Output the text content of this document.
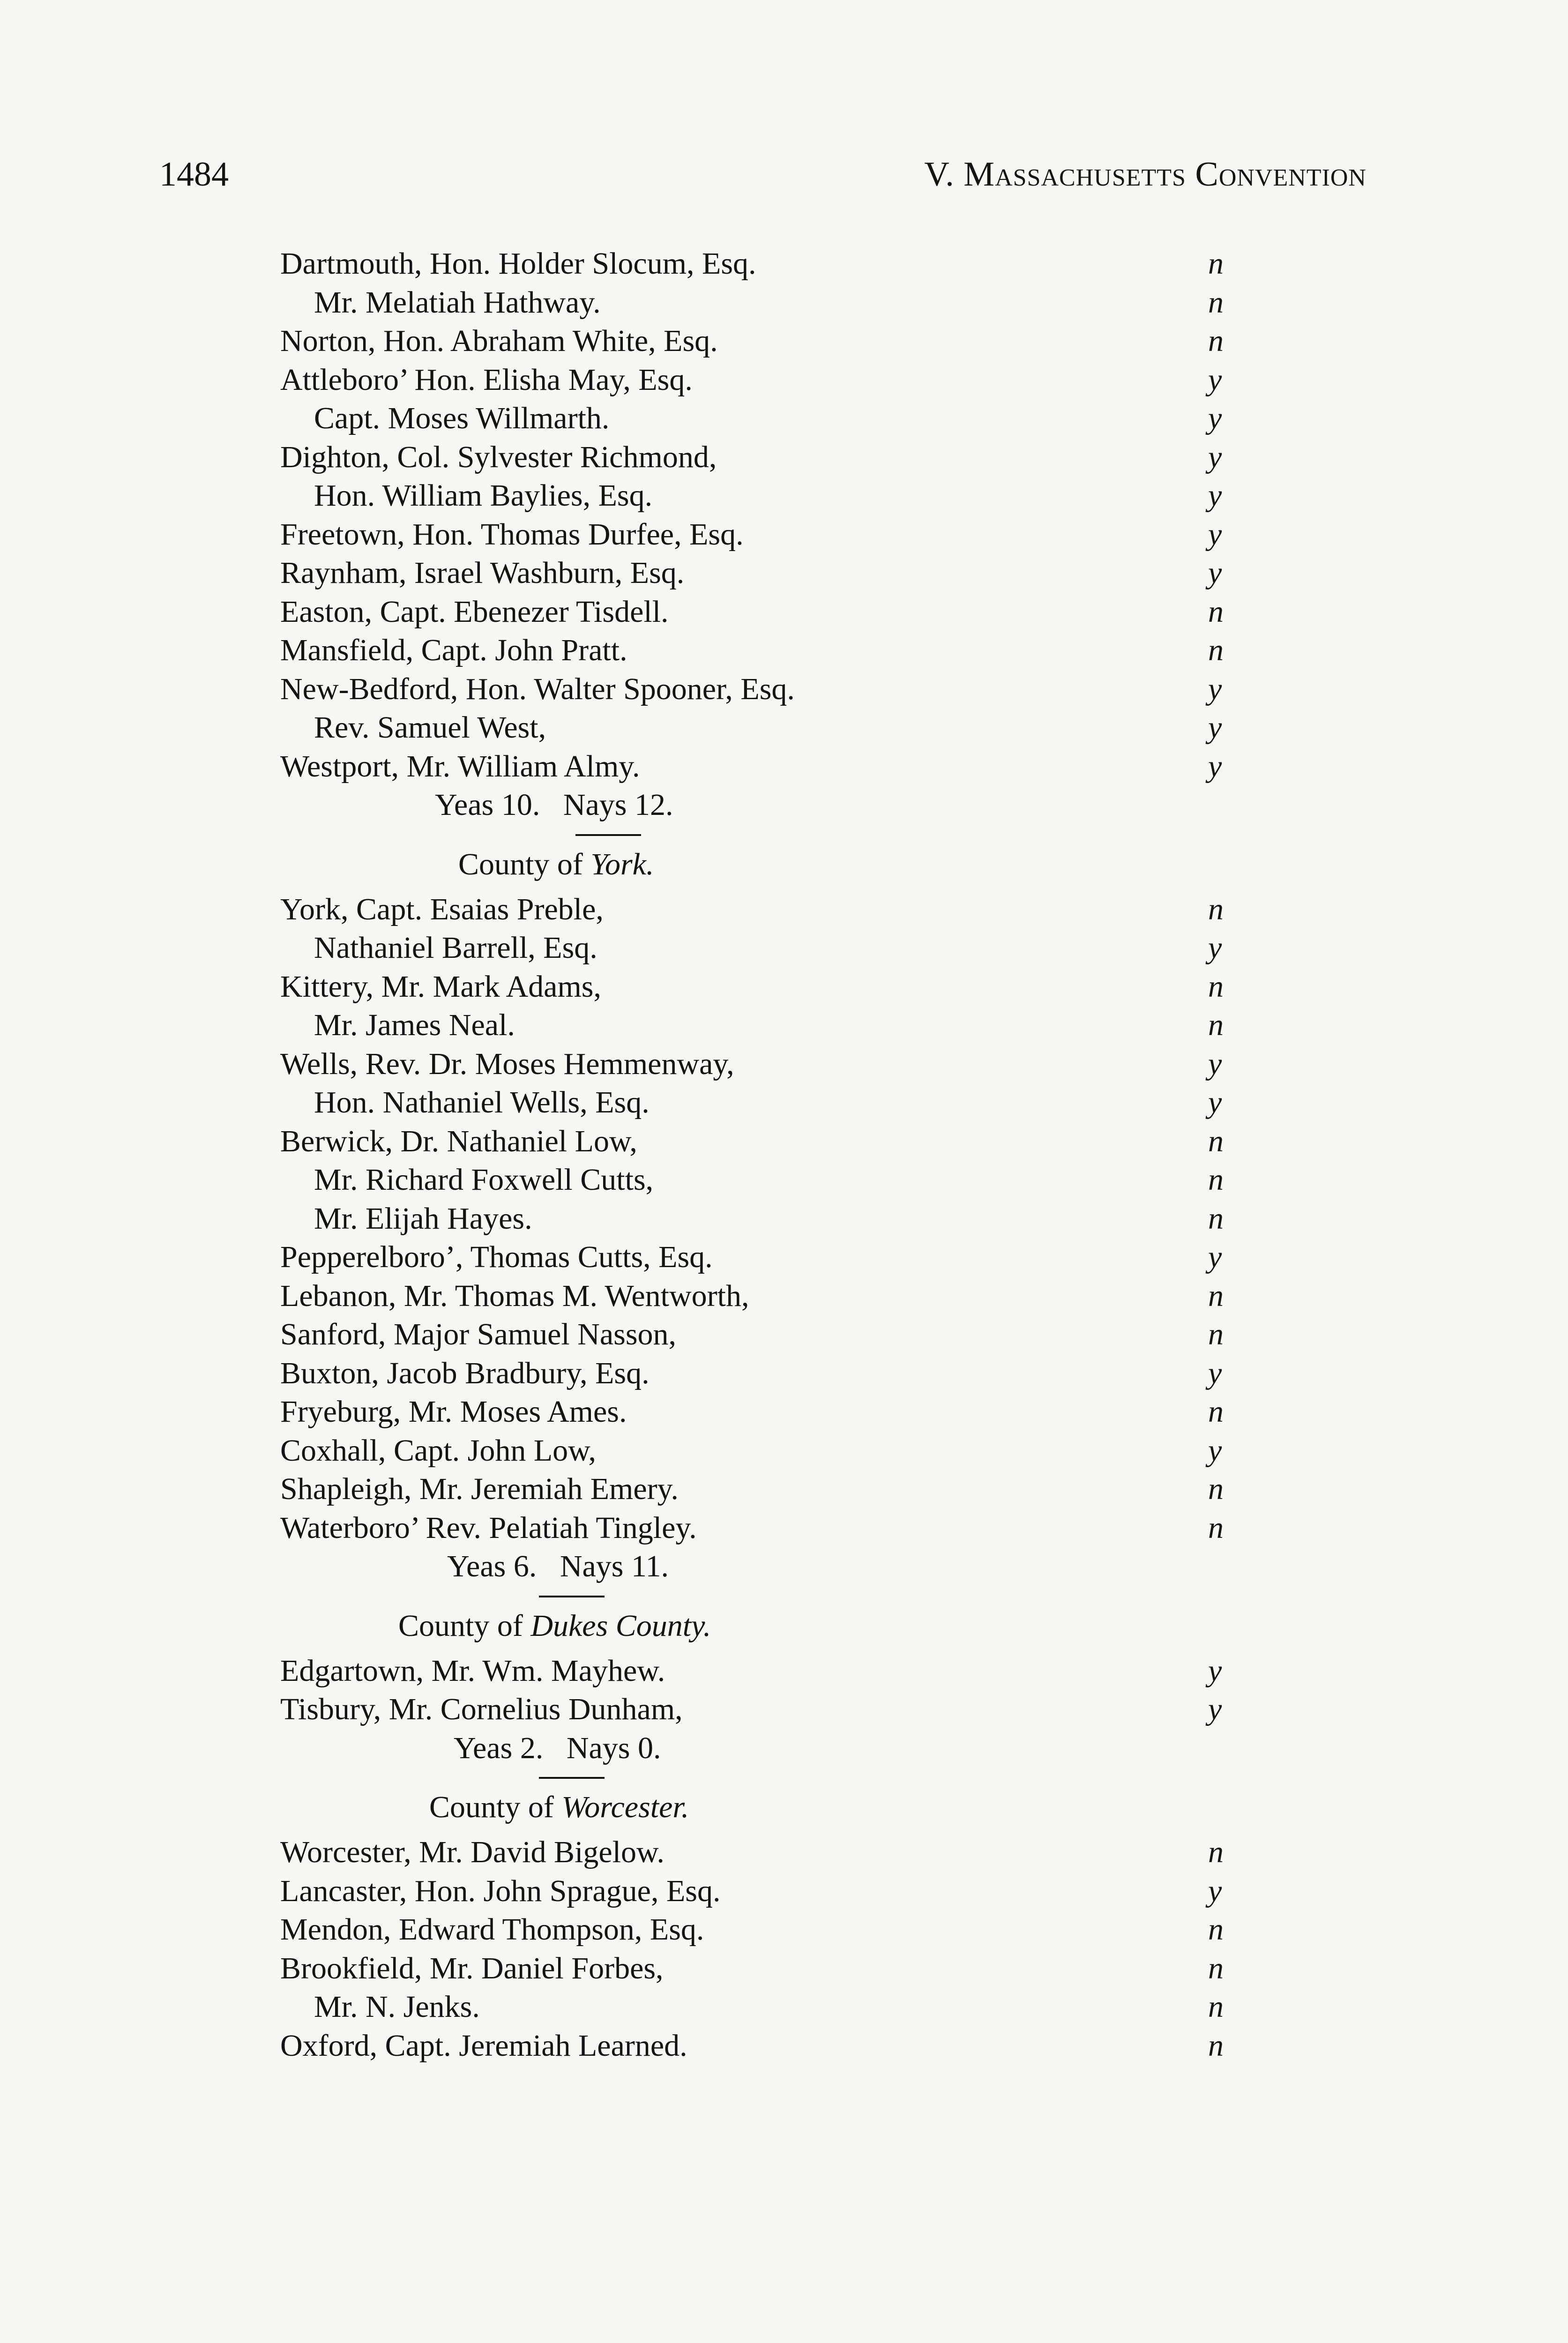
1484	V. Massachusetts Convention
Dartmouth, Hon. Holder Slocum, Esq.	n
Mr. Melatiah Hathway.	n
Norton, Hon. Abraham White, Esq.	n
Attleboro’ Hon. Elisha May, Esq.	y
Capt. Moses Willmarth.	y
Dighton, Col. Sylvester Richmond,	y
Hon. William Baylies, Esq.	y
Freetown, Hon. Thomas Durfee, Esq.	y
Raynham, Israel Washburn, Esq.	y
Easton, Capt. Ebenezer Tisdell.	n
Mansfield, Capt. John Pratt.	n
New-Bedford, Hon. Walter Spooner, Esq.	y
Rev. Samuel West,	y
Westport, Mr. William Almy.	y
Yeas 10.   Nays 12.
County of York.
York, Capt. Esaias Preble,	n
Nathaniel Barrell, Esq.	y
Kittery, Mr. Mark Adams,	n
Mr. James Neal.	n
Wells, Rev. Dr. Moses Hemmenway,	y
Hon. Nathaniel Wells, Esq.	y
Berwick, Dr. Nathaniel Low,	n
Mr. Richard Foxwell Cutts,	n
Mr. Elijah Hayes.	n
Pepperelboro’, Thomas Cutts, Esq.	y
Lebanon, Mr. Thomas M. Wentworth,	n
Sanford, Major Samuel Nasson,	n
Buxton, Jacob Bradbury, Esq.	y
Fryeburg, Mr. Moses Ames.	n
Coxhall, Capt. John Low,	y
Shapleigh, Mr. Jeremiah Emery.	n
Waterboro’ Rev. Pelatiah Tingley.	n
Yeas 6.   Nays 11.
County of Dukes County.
Edgartown, Mr. Wm. Mayhew.	y
Tisbury, Mr. Cornelius Dunham,	y
Yeas 2.   Nays 0.
County of Worcester.
Worcester, Mr. David Bigelow.	n
Lancaster, Hon. John Sprague, Esq.	y
Mendon, Edward Thompson, Esq.	n
Brookfield, Mr. Daniel Forbes,	n
Mr. N. Jenks.	n
Oxford, Capt. Jeremiah Learned.	n
